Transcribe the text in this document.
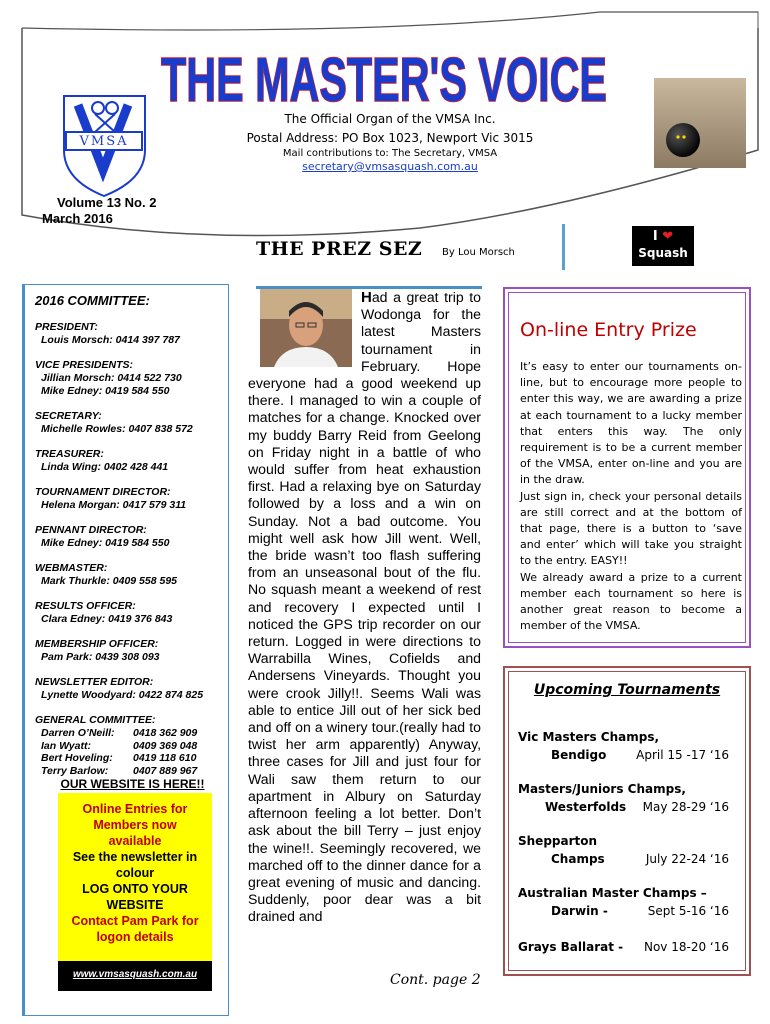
VMSA
THE MASTER'S VOICE
The Official Organ of the VMSA Inc.
Postal Address: PO Box 1023, Newport Vic 3015
Mail contributions to: The Secretary, VMSA
secretary@vmsasquash.com.au
Volume 13 No. 2
March 2016
THE PREZ SEZ By Lou Morsch
I ❤
Squash
2016 COMMITTEE:
PRESIDENT:
Louis Morsch: 0414 397 787
VICE PRESIDENTS:
Jillian Morsch: 0414 522 730
Mike Edney: 0419 584 550
SECRETARY:
Michelle Rowles: 0407 838 572
TREASURER:
Linda Wing: 0402 428 441
TOURNAMENT DIRECTOR:
Helena Morgan: 0417 579 311
PENNANT DIRECTOR:
Mike Edney: 0419 584 550
WEBMASTER:
Mark Thurkle: 0409 558 595
RESULTS OFFICER:
Clara Edney: 0419 376 843
MEMBERSHIP OFFICER:
Pam Park: 0439 308 093
NEWSLETTER EDITOR:
Lynette Woodyard: 0422 874 825
GENERAL COMMITTEE:
Darren O’Neill: 0418 362 909
Ian Wyatt:	0409 369 048
Bert Hoveling: 0419 118 610
Terry Barlow: 0407 889 967
OUR WEBSITE IS HERE!!
Online Entries for
Members now
available
See the newsletter in
colour
LOG ONTO YOUR
WEBSITE
Contact Pam Park for
logon details
www.vmsasquash.com.au
Had a great trip to Wodonga for the latest Masters tournament in February. Hope everyone had a good weekend up there. I managed to win a couple of matches for a change. Knocked over my buddy Barry Reid from Geelong on Friday night in a battle of who would suffer from heat exhaustion first. Had a relaxing bye on Saturday followed by a loss and a win on Sunday. Not a bad outcome. You might well ask how Jill went. Well, the bride wasn’t too flash suffering from an unseasonal bout of the flu. No squash meant a weekend of rest and recovery I expected until I noticed the GPS trip recorder on our return. Logged in were directions to Warrabilla Wines, Cofields and Andersens Vineyards. Thought you were crook Jilly!!. Seems Wali was able to entice Jill out of her sick bed and off on a winery tour.(really had to twist her arm apparently) Anyway, three cases for Jill and just four for Wali saw them return to our apartment in Albury on Saturday afternoon feeling a lot better. Don’t ask about the bill Terry – just enjoy the wine!!. Seemingly recovered, we marched off to the dinner dance for a great evening of music and dancing. Suddenly, poor dear was a bit drained and
Cont. page 2
On-line Entry Prize
It’s easy to enter our tournaments on-line, but to encourage more people to enter this way, we are awarding a prize at each tournament to a lucky member that enters this way. The only requirement is to be a current member of the VMSA, enter on-line and you are in the draw.
Just sign in, check your personal details are still correct and at the bottom of that page, there is a button to ‘save and enter’ which will take you straight to the entry. EASY!!
We already award a prize to a current member each tournament so here is another great reason to become a member of the VMSA.
Upcoming Tournaments
Vic Masters Champs,
Bendigo April 15 -17 ‘16
Masters/Juniors Champs,
Westerfolds May 28-29 ‘16
Shepparton
Champs	July 22-24 ‘16
Australian Master Champs –
Darwin -	Sept 5-16 ‘16
Grays Ballarat - Nov 18-20 ‘16
